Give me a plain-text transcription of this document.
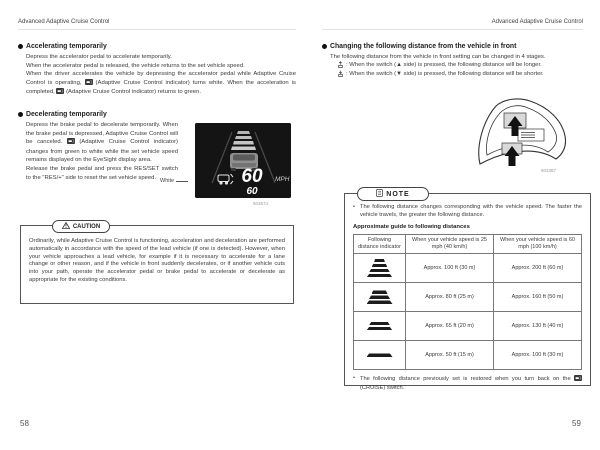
Advanced Adaptive Cruise Control
Accelerating temporarily

Depress the accelerator pedal to accelerate temporarily.

When the accelerator pedal is released, the vehicle returns to the set vehicle speed.

When the driver accelerates the vehicle by depressing the accelerator pedal while Adaptive Cruise Control is operating,  (Adaptive Cruise Control indicator) turns white. When the acceleration is completed,  (Adaptive Cruise Control indicator) returns to green.

Decelerating temporarily

Depress the brake pedal to decelerate temporarily. When the brake pedal is depressed, Adaptive Cruise Control will be canceled.  (Adaptive Cruise Control indicator) changes from green to white while the set vehicle speed remains displayed on the EyeSight display area.

Release the brake pedal and press the RES/SET switch to the "RES/+" side to reset the set vehicle speed.	60
60
MPH
White
503574
Ordinarily, while Adaptive Cruise Control is functioning, acceleration and deceleration are performed automatically in accordance with the speed of the lead vehicle (if one is detected). However, when your vehicle approaches a lead vehicle, for example if it is necessary to accelerate for a lane change or other reason, and if the vehicle in front suddenly decelerates, or if another vehicle cuts into your path, operate the accelerator pedal or brake pedal to accelerate or decelerate as appropriate for the existing conditions.
CAUTION
58
Advanced Adaptive Cruise Control
Changing the following distance from the vehicle in front
The following distance from the vehicle in front setting can be changed in 4 stages.
: When the switch (▲ side) is pressed, the following distance will be longer.
: When the switch (▼ side) is pressed, the following distance will be shorter.
503387
• The following distance changes corresponding with the vehicle speed. The faster the vehicle travels, the greater the following distance.
Approximate guide to following distances
Following distance indicator	When your vehicle speed is 25 mph (40 km/h)	When your vehicle speed is 60 mph (100 km/h)

	Approx. 100 ft (30 m)	Approx. 200 ft (60 m)

	Approx. 80 ft (25 m)	Approx. 160 ft (50 m)

	Approx. 65 ft (20 m)	Approx. 130 ft (40 m)

	Approx. 50 ft (15 m)	Approx. 100 ft (30 m)
• The following distance previously set is restored when you turn back on the  (CRUISE) switch.
NOTE
59
